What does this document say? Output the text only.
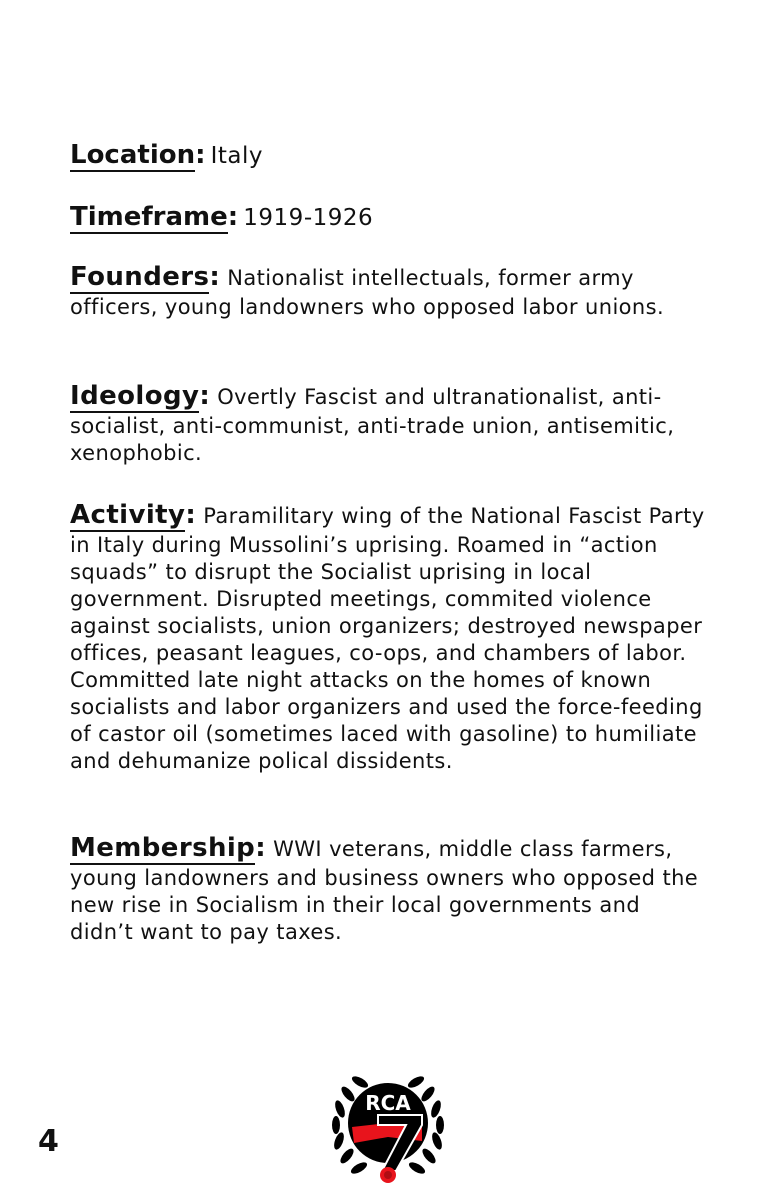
Location: Italy

Timeframe: 1919-1926

Founders: Nationalist intellectuals, former army officers, young landowners who opposed labor unions.
Ideology: Overtly Fascist and ultranationalist, anti-socialist, anti-communist, anti-trade union, antisemitic, xenophobic.
Activity: Paramilitary wing of the National Fascist Party in Italy during Mussolini’s uprising. Roamed in “action squads” to disrupt the Socialist uprising in local government. Disrupted meetings, commited violence against socialists, union organizers; destroyed newspaper offices, peasant leagues, co-ops, and chambers of labor. Committed late night attacks on the homes of known socialists and labor organizers and used the force-feeding of castor oil (sometimes laced with gasoline) to humiliate and dehumanize polical dissidents.
Membership: WWI veterans, middle class farmers, young landowners and business owners who opposed the new rise in Socialism in their local governments and didn’t want to pay taxes.
4
RCA
